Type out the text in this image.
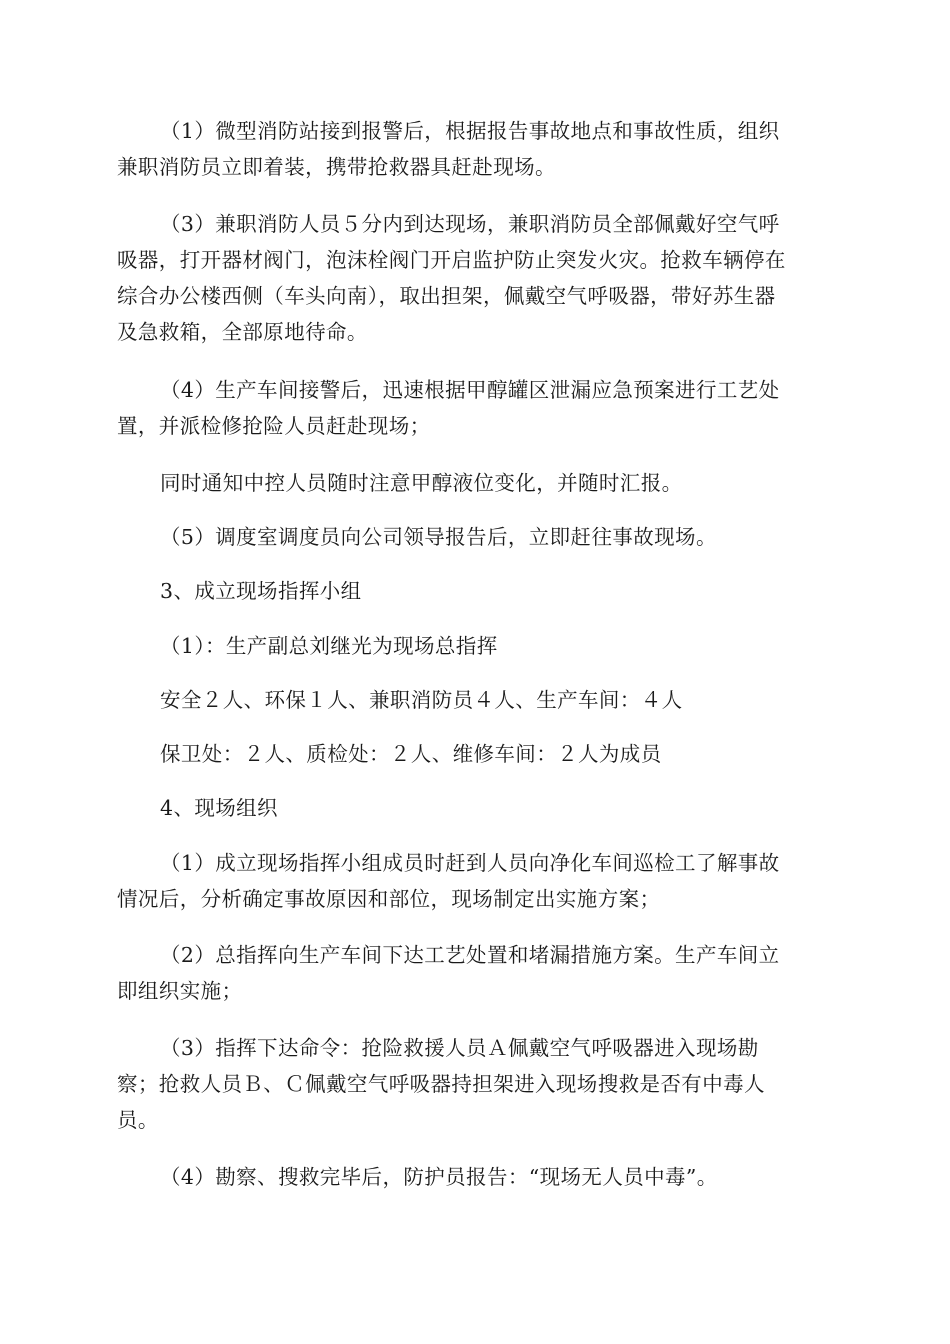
（1）微型消防站接到报警后，根据报告事故地点和事故性质，组织
兼职消防员立即着装，携带抢救器具赶赴现场。
（3）兼职消防人员５分内到达现场，兼职消防员全部佩戴好空气呼
吸器，打开器材阀门，泡沫栓阀门开启监护防止突发火灾。抢救车辆停在
综合办公楼西侧（车头向南），取出担架，佩戴空气呼吸器，带好苏生器
及急救箱，全部原地待命。
（4）生产车间接警后，迅速根据甲醇罐区泄漏应急预案进行工艺处
置，并派检修抢险人员赶赴现场；
同时通知中控人员随时注意甲醇液位变化，并随时汇报。
（5）调度室调度员向公司领导报告后，立即赶往事故现场。
3、成立现场指挥小组
（1）：生产副总刘继光为现场总指挥
安全２人、环保１人、兼职消防员４人、生产车间：４人
保卫处：２人、质检处：２人、维修车间：２人为成员
4、现场组织
（1）成立现场指挥小组成员时赶到人员向净化车间巡检工了解事故
情况后，分析确定事故原因和部位，现场制定出实施方案；
（2）总指挥向生产车间下达工艺处置和堵漏措施方案。生产车间立
即组织实施；
（3）指挥下达命令：抢险救援人员Ａ佩戴空气呼吸器进入现场勘
察；抢救人员Ｂ、Ｃ佩戴空气呼吸器持担架进入现场搜救是否有中毒人
员。
（4）勘察、搜救完毕后，防护员报告：“现场无人员中毒”。
